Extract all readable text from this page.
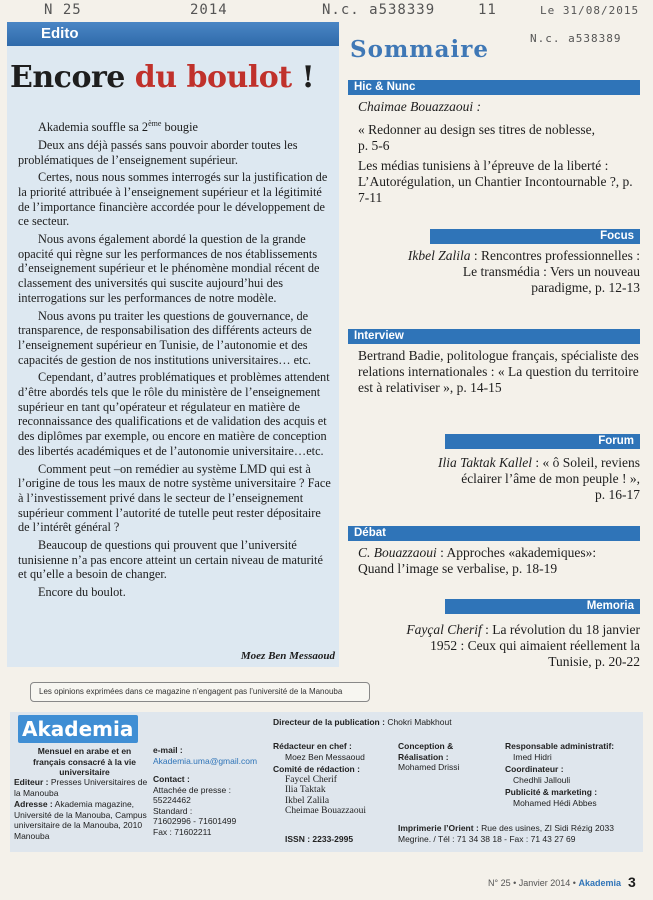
N 25	2014	N.c. a538339	11	Le 31/08/2015
N.c. a538389
Edito
Encore du boulot !

Akademia souffle sa 2ème bougie

Deux ans déjà passés sans pouvoir aborder toutes les problématiques de l’enseignement supérieur.

Certes, nous nous sommes interrogés sur la justification de la priorité attribuée à l’enseignement supérieur et la légitimité de l’importance financière accordée pour le développement de ce secteur.

Nous avons également abordé la question de la grande opacité qui règne sur les performances de nos établissements d’enseignement supérieur et le phénomène mondial récent de classement des universités qui suscite aujourd’hui des interrogations sur les performances de notre modèle.

Nous avons pu traiter les questions de gouvernance, de transparence, de responsabilisation des différents acteurs de l’enseignement supérieur en Tunisie, de l’autonomie et des capacités de gestion de nos institutions universitaires… etc.

Cependant, d’autres problématiques et problèmes attendent d’être abordés tels que le rôle du ministère de l’enseignement supérieur en tant qu’opérateur et régulateur en matière de reconnaissance des qualifications et de validation des acquis et des diplômes par exemple, ou encore en matière de conception des libertés académiques et de l’autonomie universitaire…etc.

Comment peut –on remédier au système LMD qui est à l’origine de tous les maux de notre système universitaire ? Face à l’investissement privé dans le secteur de l’enseignement supérieur comment l’autorité de tutelle peut rester dépositaire de l’intérêt général ?

Beaucoup de questions qui prouvent que l’université tunisienne n’a pas encore atteint un certain niveau de maturité et qu’elle a besoin de changer.

Encore du boulot.

Moez Ben Messaoud
Les opinions exprimées dans ce magazine n’engagent pas l’université de la Manouba
Sommaire
Hic & Nunc
Chaimae Bouazzaoui :
« Redonner au design ses titres de noblesse, p. 5-6
Les médias tunisiens à l’épreuve de la liberté : L’Autorégulation, un Chantier Incontournable ?, p. 7-11
Focus
Ikbel Zalila : Rencontres professionnelles :
Le transmédia : Vers un nouveau
paradigme, p. 12-13
Interview
Bertrand Badie, politologue français, spécialiste des relations internationales : « La question du territoire est à relativiser », p. 14-15
Forum
Ilia Taktak Kallel : « ô Soleil, reviens
éclairer l’âme de mon peuple ! »,
p. 16-17
Débat
C. Bouazzaoui : Approches «akademiques»:
Quand l’image se verbalise, p. 18-19
Memoria
Fayçal Cherif : La révolution du 18 janvier
1952 : Ceux qui aimaient réellement la
Tunisie, p. 20-22
Akademia
Mensuel en arabe et en français consacré à la vie universitaire
Editeur : Presses Universitaires de la Manouba
Adresse : Akademia magazine, Université de la Manouba, Campus universitaire de la Manouba, 2010 Manouba
e-mail :
Akademia.uma@gmail.com
Contact :
Attachée de presse :
55224462
Standard :
71602996 - 71601499
Fax : 71602211
Directeur de la publication : Chokri Mabkhout
Rédacteur en chef :
Moez Ben Messaoud
Comité de rédaction :
Faycel Cherif
Ilia Taktak
Ikbel Zalila
Cheimae Bouazzaoui
ISSN : 2233-2995
Conception & Réalisation :
Mohamed Drissi
Responsable administratif:
Imed Hidri
Coordinateur :
Chedhli Jallouli
Publicité & marketing :
Mohamed Hédi Abbes
Imprimerie l’Orient : Rue des usines, ZI Sidi Rézig 2033 Megrine. / Tél : 71 34 38 18 - Fax : 71 43 27 69
N° 25 • Janvier 2014 • Akademia 3
